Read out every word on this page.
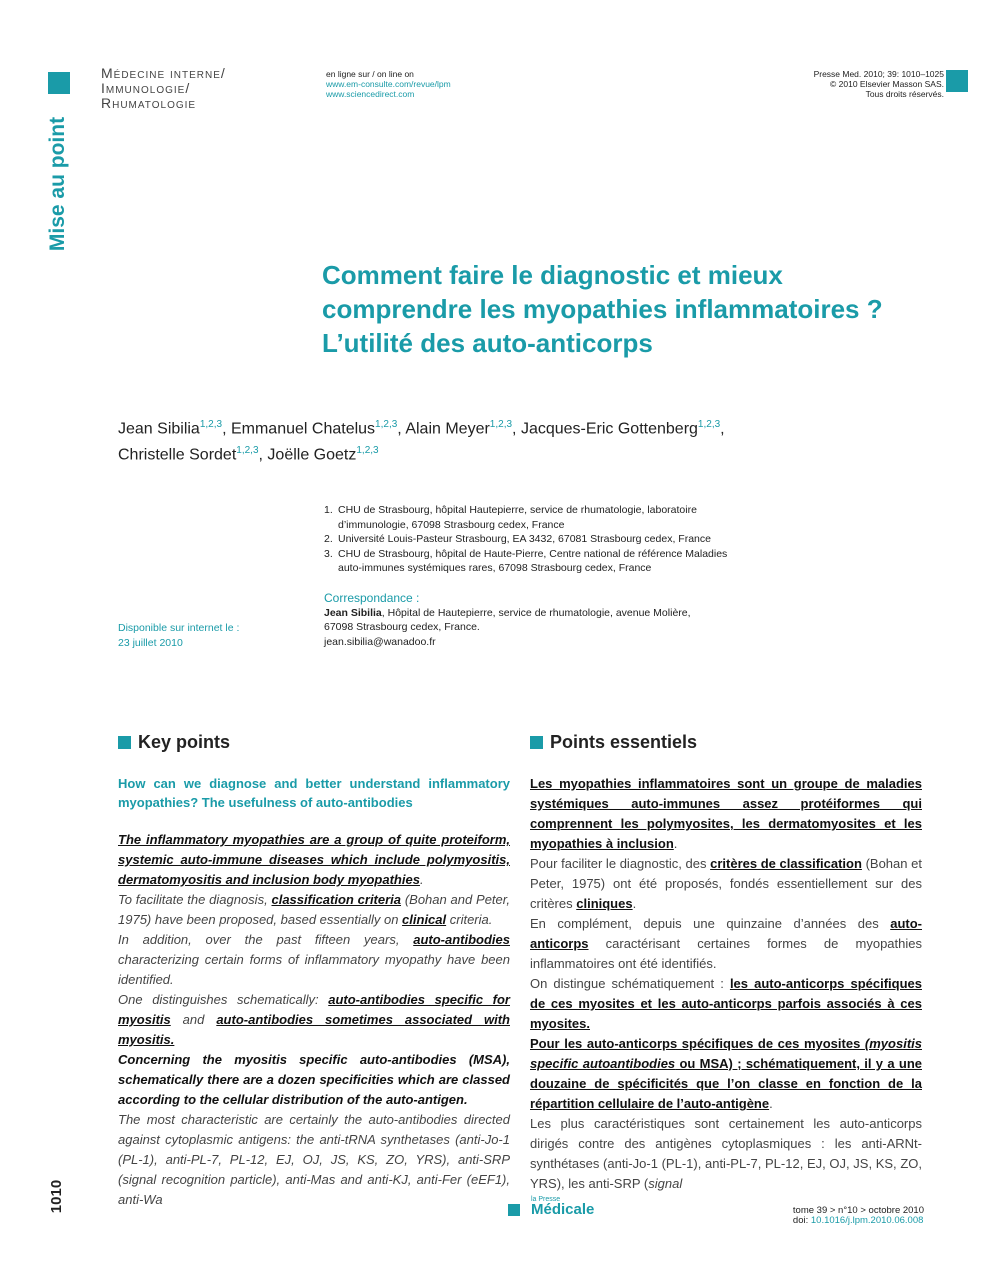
Mise au point
Médecine interne/
Immunologie/
Rhumatologie
en ligne sur / on line on
www.em-consulte.com/revue/lpm
www.sciencedirect.com
Presse Med. 2010; 39: 1010–1025
© 2010 Elsevier Masson SAS.
Tous droits réservés.
Comment faire le diagnostic et mieux
comprendre les myopathies inflammatoires ?
L’utilité des auto-anticorps
Jean Sibilia$^{1,2,3}$, Emmanuel Chatelus$^{1,2,3}$, Alain Meyer$^{1,2,3}$, Jacques-Eric Gottenberg$^{1,2,3}$,
Christelle Sordet$^{1,2,3}$, Joëlle Goetz$^{1,2,3}$
1. CHU de Strasbourg, hôpital Hautepierre, service de rhumatologie, laboratoire
d’immunologie, 67098 Strasbourg cedex, France
2. Université Louis-Pasteur Strasbourg, EA 3432, 67081 Strasbourg cedex, France
3. CHU de Strasbourg, hôpital de Haute-Pierre, Centre national de référence Maladies
auto-immunes systémiques rares, 67098 Strasbourg cedex, France
Correspondance :
Jean Sibilia, Hôpital de Hautepierre, service de rhumatologie, avenue Molière,
67098 Strasbourg cedex, France.
jean.sibilia@wanadoo.fr
Disponible sur internet le :
23 juillet 2010
Key points

How can we diagnose and better understand inflammatory myopathies? The usefulness of auto-antibodies

The inflammatory myopathies are a group of quite proteiform, systemic auto-immune diseases which include polymyositis, dermatomyositis and inclusion body myopathies.

To facilitate the diagnosis, classification criteria (Bohan and Peter, 1975) have been proposed, based essentially on clinical criteria.

In addition, over the past fifteen years, auto-antibodies characterizing certain forms of inflammatory myopathy have been identified.

One distinguishes schematically: auto-antibodies specific for myositis and auto-antibodies sometimes associated with myositis.

Concerning the myositis specific auto-antibodies (MSA), schematically there are a dozen specificities which are classed according to the cellular distribution of the auto-antigen.

The most characteristic are certainly the auto-antibodies directed against cytoplasmic antigens: the anti-tRNA synthetases (anti-Jo-1 (PL-1), anti-PL-7, PL-12, EJ, OJ, JS, KS, ZO, YRS), anti-SRP (signal recognition particle), anti-Mas and anti-KJ, anti-Fer (eEF1), anti-Wa

Points essentiels

Les myopathies inflammatoires sont un groupe de maladies systémiques auto-immunes assez protéiformes qui comprennent les polymyosites, les dermatomyosites et les myopathies à inclusion.

Pour faciliter le diagnostic, des critères de classification (Bohan et Peter, 1975) ont été proposés, fondés essentiellement sur des critères cliniques.

En complément, depuis une quinzaine d’années des auto-anticorps caractérisant certaines formes de myopathies inflammatoires ont été identifiés.

On distingue schématiquement : les auto-anticorps spécifiques de ces myosites et les auto-anticorps parfois associés à ces myosites.

Pour les auto-anticorps spécifiques de ces myosites (myositis specific autoantibodies ou MSA) ; schématiquement, il y a une douzaine de spécificités que l’on classe en fonction de la répartition cellulaire de l’auto-antigène.

Les plus caractéristiques sont certainement les auto-anticorps dirigés contre des antigènes cytoplasmiques : les anti-ARNt-synthétases (anti-Jo-1 (PL-1), anti-PL-7, PL-12, EJ, OJ, JS, KS, ZO, YRS), les anti-SRP (signal

1010	la Presse
Médicale	tome 39 > n°10 > octobre 2010
doi: 10.1016/j.lpm.2010.06.008
